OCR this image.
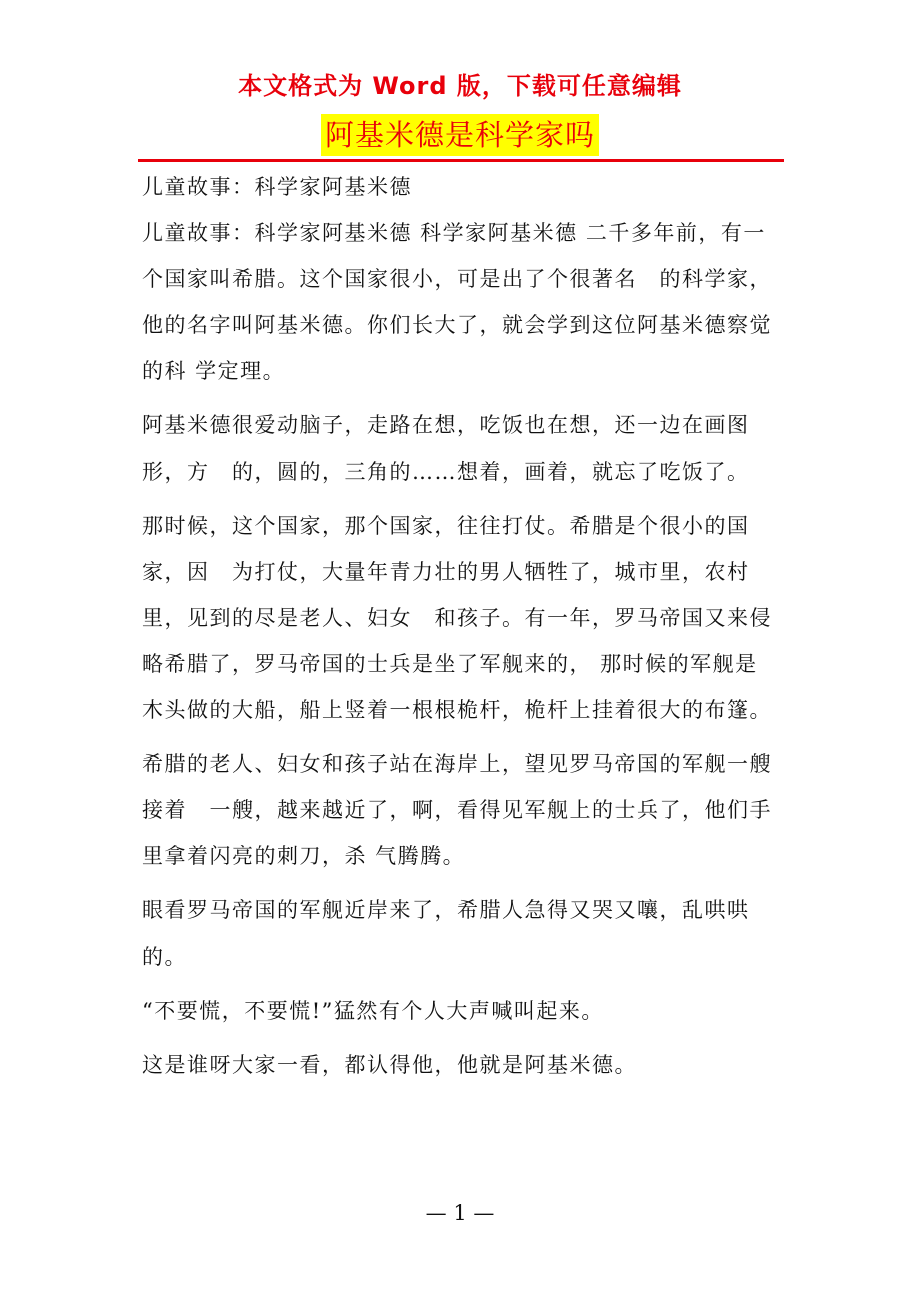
本文格式为 Word 版，下载可任意编辑
阿基米德是科学家吗

儿童故事：科学家阿基米德

儿童故事：科学家阿基米德 科学家阿基米德 二千多年前，有一个国家叫希腊。这个国家很小，可是出了个很著名　的科学家，他的名字叫阿基米德。你们长大了，就会学到这位阿基米德察觉的科 学定理。

阿基米德很爱动脑子，走路在想，吃饭也在想，还一边在画图形，方　的，圆的，三角的……想着，画着，就忘了吃饭了。

那时候，这个国家，那个国家，往往打仗。希腊是个很小的国家，因　为打仗，大量年青力壮的男人牺牲了，城市里，农村里，见到的尽是老人、妇女　和孩子。有一年，罗马帝国又来侵略希腊了，罗马帝国的士兵是坐了军舰来的， 那时候的军舰是木头做的大船，船上竖着一根根桅杆，桅杆上挂着很大的布篷。

希腊的老人、妇女和孩子站在海岸上，望见罗马帝国的军舰一艘接着　一艘，越来越近了，啊，看得见军舰上的士兵了，他们手里拿着闪亮的刺刀，杀 气腾腾。

眼看罗马帝国的军舰近岸来了，希腊人急得又哭又嚷，乱哄哄的。

“不要慌，不要慌!”猛然有个人大声喊叫起来。

这是谁呀大家一看，都认得他，他就是阿基米德。

— 1 —
